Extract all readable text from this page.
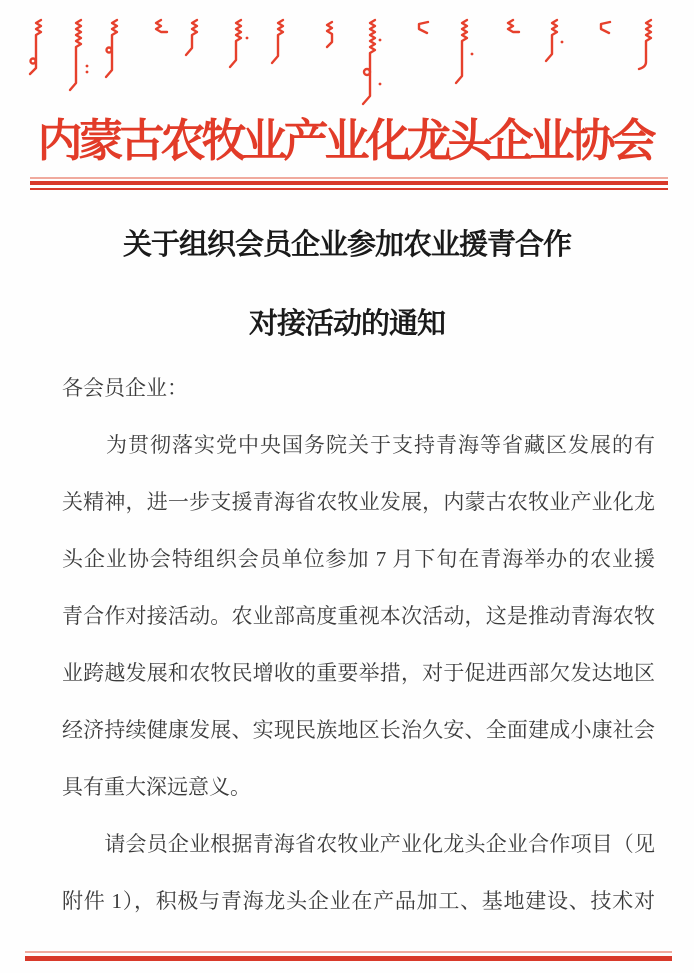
内蒙古农牧业产业化龙头企业协会
关于组织会员企业参加农业援青合作
对接活动的通知
各会员企业：
　　为贯彻落实党中央国务院关于支持青海等省藏区发展的有
关精神，进一步支援青海省农牧业发展，内蒙古农牧业产业化龙
头企业协会特组织会员单位参加 7 月下旬在青海举办的农业援
青合作对接活动。农业部高度重视本次活动，这是推动青海农牧
业跨越发展和农牧民增收的重要举措，对于促进西部欠发达地区
经济持续健康发展、实现民族地区长治久安、全面建成小康社会
具有重大深远意义。
　　请会员企业根据青海省农牧业产业化龙头企业合作项目（见
附件 1），积极与青海龙头企业在产品加工、基地建设、技术对
